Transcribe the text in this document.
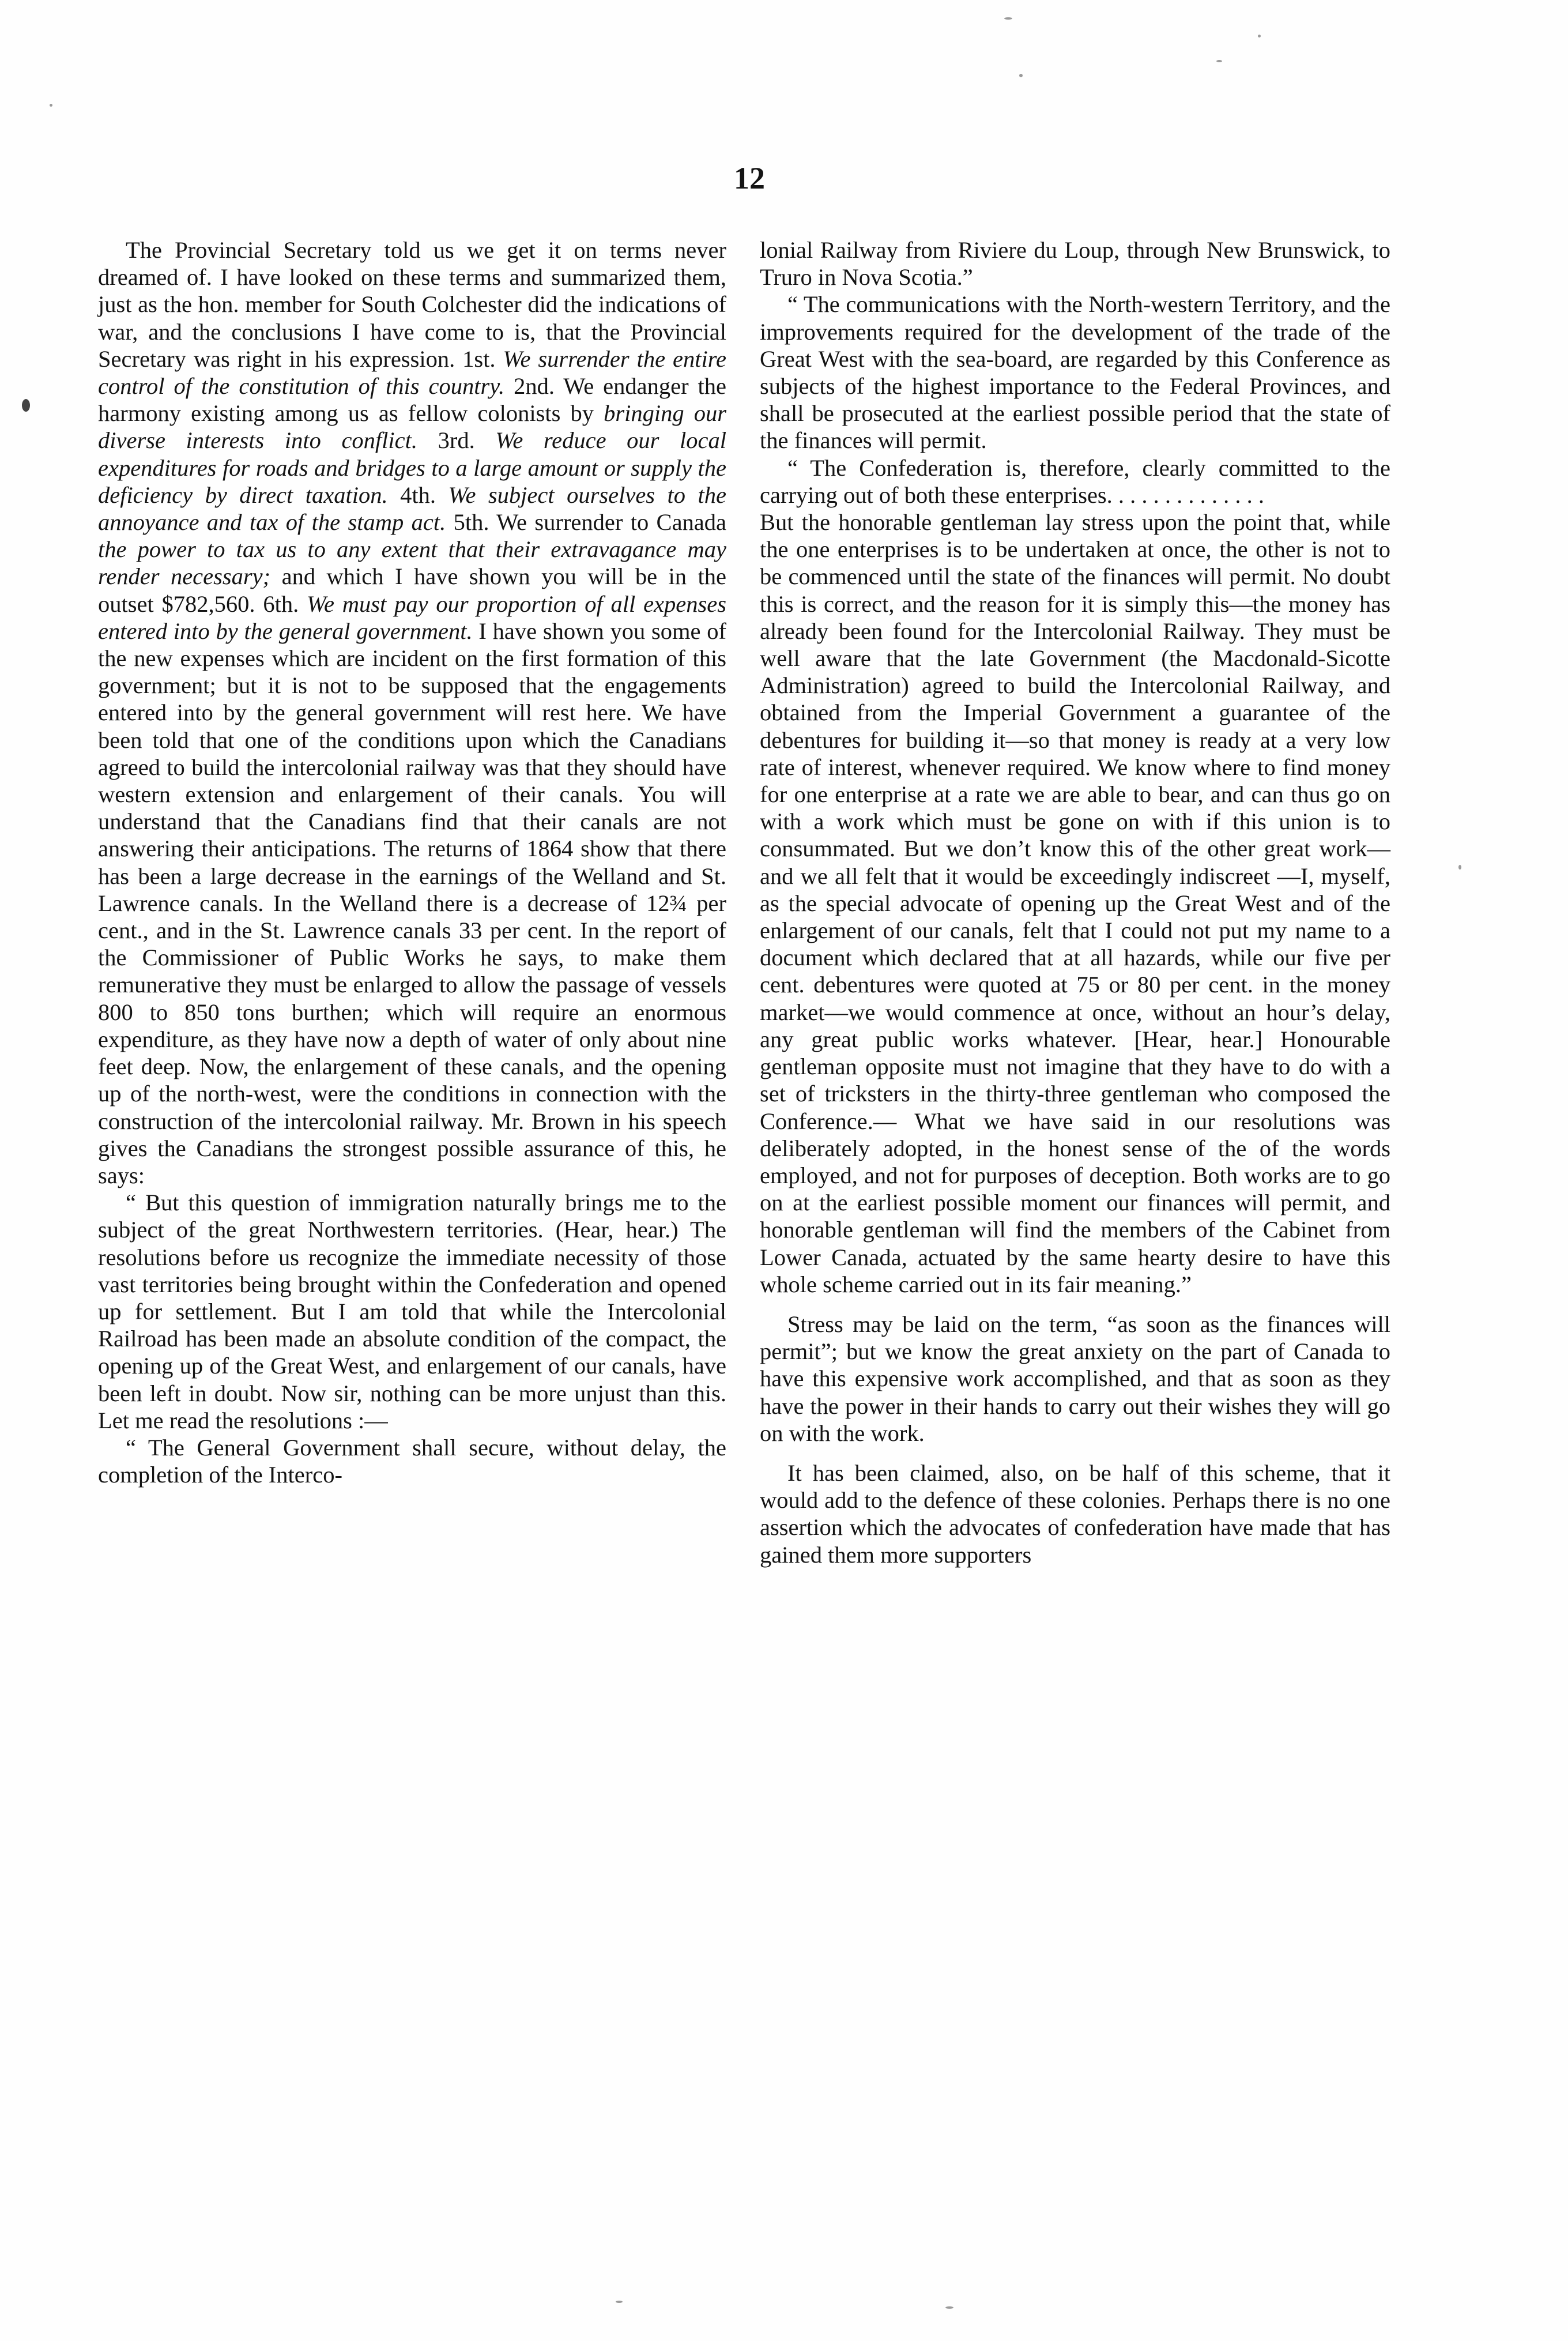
12

The Provincial Secretary told us we get it on terms never dreamed of. I have looked on these terms and summarized them, just as the hon. member for South Colchester did the indications of war, and the conclusions I have come to is, that the Provincial Secretary was right in his expression. 1st. We surrender the entire control of the constitution of this country. 2nd. We endanger the harmony existing among us as fellow colonists by bringing our diverse interests into conflict. 3rd. We reduce our local expenditures for roads and bridges to a large amount or supply the deficiency by direct taxation. 4th. We subject ourselves to the annoyance and tax of the stamp act. 5th. We surrender to Canada the power to tax us to any extent that their extravagance may render necessary; and which I have shown you will be in the outset $782,560. 6th. We must pay our proportion of all expenses entered into by the general government. I have shown you some of the new expenses which are incident on the first formation of this government; but it is not to be supposed that the engagements entered into by the general government will rest here. We have been told that one of the conditions upon which the Canadians agreed to build the intercolonial railway was that they should have western extension and enlargement of their canals. You will understand that the Canadians find that their canals are not answering their anticipations. The returns of 1864 show that there has been a large decrease in the earnings of the Welland and St. Lawrence canals. In the Welland there is a decrease of 12¾ per cent., and in the St. Lawrence canals 33 per cent. In the report of the Commissioner of Public Works he says, to make them remunerative they must be enlarged to allow the passage of vessels 800 to 850 tons burthen; which will require an enormous expenditure, as they have now a depth of water of only about nine feet deep. Now, the enlargement of these canals, and the opening up of the north-west, were the conditions in connection with the construction of the intercolonial railway. Mr. Brown in his speech gives the Canadians the strongest possible assurance of this, he says:

“ But this question of immigration naturally brings me to the subject of the great Northwestern territories. (Hear, hear.) The resolutions before us recognize the immediate necessity of those vast territories being brought within the Confederation and opened up for settlement. But I am told that while the Intercolonial Railroad has been made an absolute condition of the compact, the opening up of the Great West, and enlargement of our canals, have been left in doubt. Now sir, nothing can be more unjust than this. Let me read the resolutions :—

“ The General Government shall secure, without delay, the completion of the Interco-

lonial Railway from Riviere du Loup, through New Brunswick, to Truro in Nova Scotia.”

“ The communications with the North-western Territory, and the improvements required for the development of the trade of the Great West with the sea-board, are regarded by this Conference as subjects of the highest importance to the Federal Provinces, and shall be prosecuted at the earliest possible period that the state of the finances will permit.

“ The Confederation is, therefore, clearly committed to the carrying out of both these enterprises. . . . . . . . . . . . . .

But the honorable gentleman lay stress upon the point that, while the one enterprises is to be undertaken at once, the other is not to be commenced until the state of the finances will permit. No doubt this is correct, and the reason for it is simply this—the money has already been found for the Intercolonial Railway. They must be well aware that the late Government (the Macdonald-Sicotte Administration) agreed to build the Intercolonial Railway, and obtained from the Imperial Government a guarantee of the debentures for building it—so that money is ready at a very low rate of interest, whenever required. We know where to find money for one enterprise at a rate we are able to bear, and can thus go on with a work which must be gone on with if this union is to consummated. But we don’t know this of the other great work—and we all felt that it would be exceedingly indiscreet —I, myself, as the special advocate of opening up the Great West and of the enlargement of our canals, felt that I could not put my name to a document which declared that at all hazards, while our five per cent. debentures were quoted at 75 or 80 per cent. in the money market—we would commence at once, without an hour’s delay, any great public works whatever. [Hear, hear.] Honourable gentleman opposite must not imagine that they have to do with a set of tricksters in the thirty-three gentleman who composed the Conference.— What we have said in our resolutions was deliberately adopted, in the honest sense of the of the words employed, and not for purposes of deception. Both works are to go on at the earliest possible moment our finances will permit, and honorable gentleman will find the members of the Cabinet from Lower Canada, actuated by the same hearty desire to have this whole scheme carried out in its fair meaning.”

Stress may be laid on the term, “as soon as the finances will permit”; but we know the great anxiety on the part of Canada to have this expensive work accomplished, and that as soon as they have the power in their hands to carry out their wishes they will go on with the work.

It has been claimed, also, on be half of this scheme, that it would add to the defence of these colonies. Perhaps there is no one assertion which the advocates of confederation have made that has gained them more supporters
